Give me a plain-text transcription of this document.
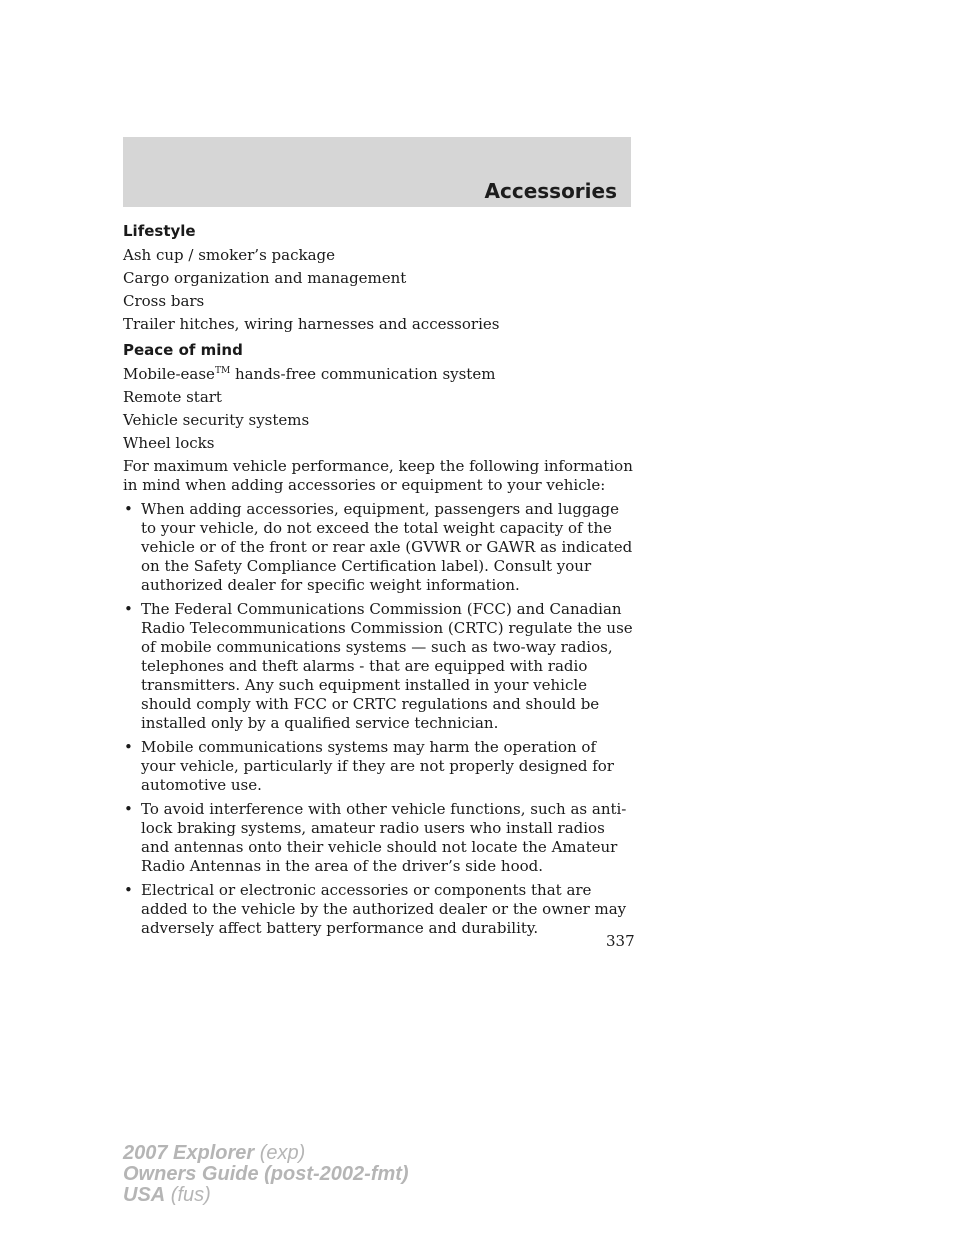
Accessories
Lifestyle

Ash cup / smoker’s package

Cargo organization and management

Cross bars

Trailer hitches, wiring harnesses and accessories

Peace of mind

Mobile-ease™ hands-free communication system

Remote start

Vehicle security systems

Wheel locks

For maximum vehicle performance, keep the following information in mind when adding accessories or equipment to your vehicle:

• When adding accessories, equipment, passengers and luggage to your vehicle, do not exceed the total weight capacity of the vehicle or of the front or rear axle (GVWR or GAWR as indicated on the Safety Compliance Certification label). Consult your authorized dealer for specific weight information.
• The Federal Communications Commission (FCC) and Canadian Radio Telecommunications Commission (CRTC) regulate the use of mobile communications systems — such as two-way radios, telephones and theft alarms - that are equipped with radio transmitters. Any such equipment installed in your vehicle should comply with FCC or CRTC regulations and should be installed only by a qualified service technician.
• Mobile communications systems may harm the operation of your vehicle, particularly if they are not properly designed for automotive use.
• To avoid interference with other vehicle functions, such as anti-lock braking systems, amateur radio users who install radios and antennas onto their vehicle should not locate the Amateur Radio Antennas in the area of the driver’s side hood.
• Electrical or electronic accessories or components that are added to the vehicle by the authorized dealer or the owner may adversely affect battery performance and durability.
337

2007 Explorer (exp)

Owners Guide (post-2002-fmt)

USA (fus)
